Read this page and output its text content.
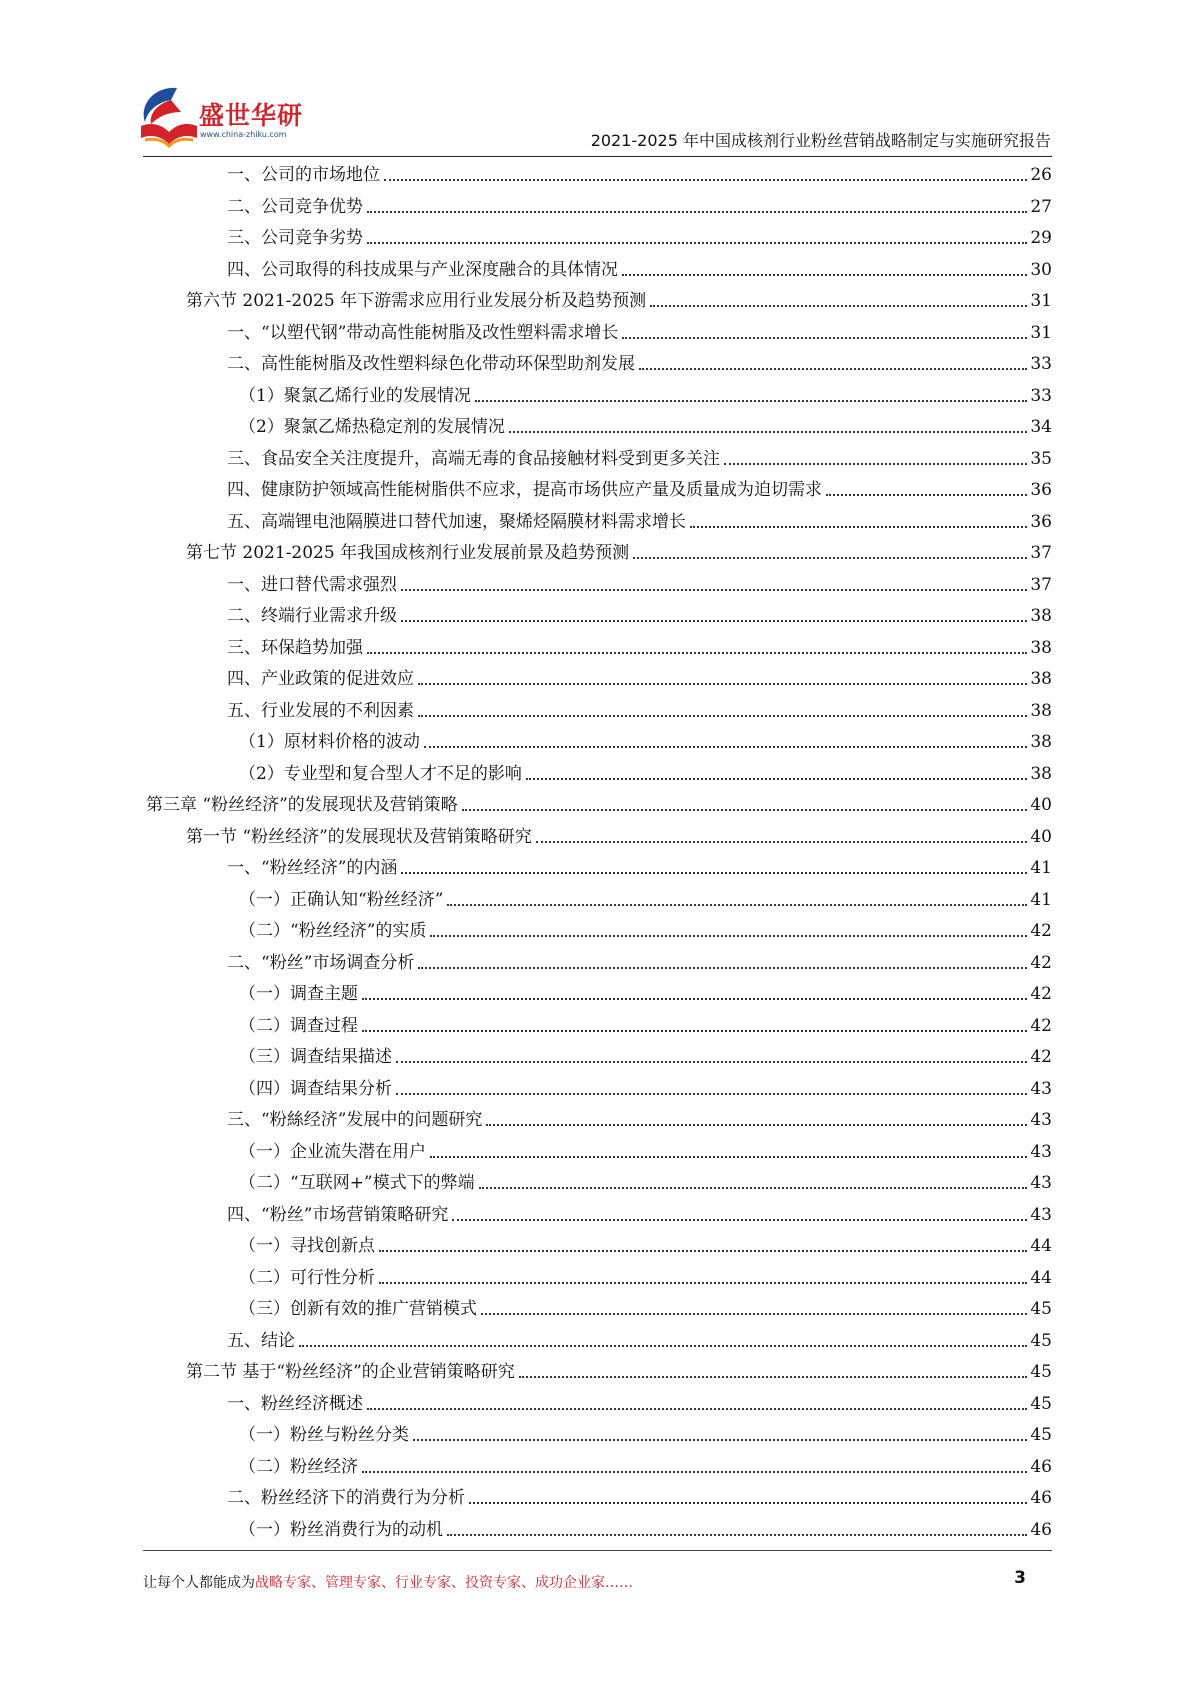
盛世华研
www.china-zhiku.com	2021-2025 年中国成核剂行业粉丝营销战略制定与实施研究报告
一、公司的市场地位	26
二、公司竞争优势	27
三、公司竞争劣势	29
四、公司取得的科技成果与产业深度融合的具体情况	30
第六节 2021-2025 年下游需求应用行业发展分析及趋势预测	31
一、“以塑代钢”带动高性能树脂及改性塑料需求增长	31
二、高性能树脂及改性塑料绿色化带动环保型助剂发展	33
（1）聚氯乙烯行业的发展情况	33
（2）聚氯乙烯热稳定剂的发展情况	34
三、食品安全关注度提升，高端无毒的食品接触材料受到更多关注	35
四、健康防护领域高性能树脂供不应求，提高市场供应产量及质量成为迫切需求	36
五、高端锂电池隔膜进口替代加速，聚烯烃隔膜材料需求增长	36
第七节 2021-2025 年我国成核剂行业发展前景及趋势预测	37
一、进口替代需求强烈	37
二、终端行业需求升级	38
三、环保趋势加强	38
四、产业政策的促进效应	38
五、行业发展的不利因素	38
（1）原材料价格的波动	38
（2）专业型和复合型人才不足的影响	38
第三章 “粉丝经济”的发展现状及营销策略	40
第一节 “粉丝经济”的发展现状及营销策略研究	40
一、“粉丝经济”的内涵	41
（一）正确认知“粉丝经济”	41
（二）“粉丝经济”的实质	42
二、“粉丝”市场调查分析	42
（一）调查主题	42
（二）调查过程	42
（三）调查结果描述	42
（四）调查结果分析	43
三、“粉絲经济”发展中的问题研究	43
（一）企业流失潜在用户	43
（二）“互联网+”模式下的弊端	43
四、“粉丝”市场营销策略研究	43
（一）寻找创新点	44
（二）可行性分析	44
（三）创新有效的推广营销模式	45
五、结论	45
第二节 基于“粉丝经济”的企业营销策略研究	45
一、粉丝经济概述	45
（一）粉丝与粉丝分类	45
（二）粉丝经济	46
二、粉丝经济下的消费行为分析	46
（一）粉丝消费行为的动机	46
让每个人都能成为战略专家、管理专家、行业专家、投资专家、成功企业家……	3
